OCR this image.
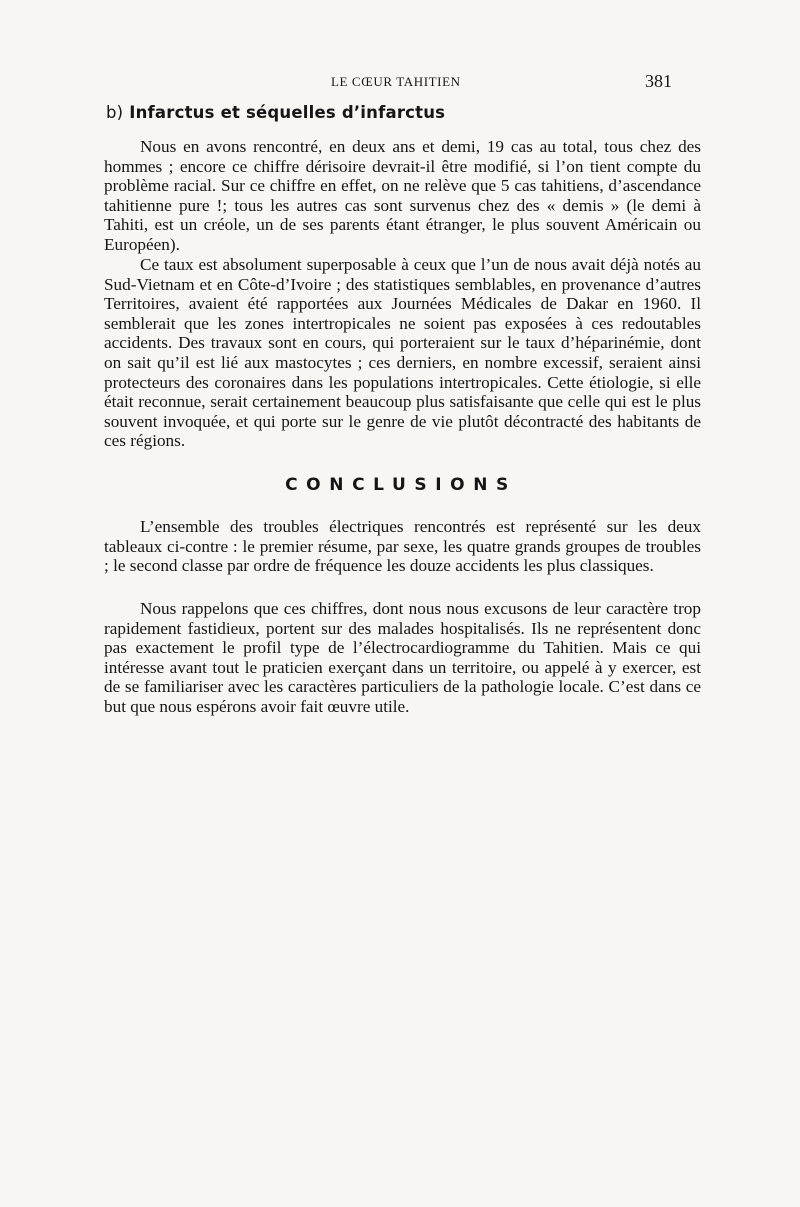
LE CŒUR TAHITIEN	381
b) Infarctus et séquelles d’infarctus

Nous en avons rencontré, en deux ans et demi, 19 cas au total, tous chez des hommes ; encore ce chiffre dérisoire devrait-il être modifié, si l’on tient compte du problème racial. Sur ce chiffre en effet, on ne relève que 5 cas tahitiens, d’ascendance tahitienne pure !; tous les autres cas sont survenus chez des « demis » (le demi à Tahiti, est un créole, un de ses parents étant étranger, le plus souvent Américain ou Européen).

Ce taux est absolument superposable à ceux que l’un de nous avait déjà notés au Sud-Vietnam et en Côte-d’Ivoire ; des statistiques semblables, en provenance d’autres Territoires, avaient été rapportées aux Journées Médicales de Dakar en 1960. Il semblerait que les zones intertropicales ne soient pas exposées à ces redoutables accidents. Des travaux sont en cours, qui porteraient sur le taux d’héparinémie, dont on sait qu’il est lié aux mastocytes ; ces derniers, en nombre excessif, seraient ainsi protecteurs des coronaires dans les populations intertropicales. Cette étiologie, si elle était reconnue, serait certainement beaucoup plus satisfaisante que celle qui est le plus souvent invoquée, et qui porte sur le genre de vie plutôt décontracté des habitants de ces régions.

CONCLUSIONS

L’ensemble des troubles électriques rencontrés est représenté sur les deux tableaux ci-contre : le premier résume, par sexe, les quatre grands groupes de troubles ; le second classe par ordre de fréquence les douze accidents les plus classiques.

Nous rappelons que ces chiffres, dont nous nous excusons de leur caractère trop rapidement fastidieux, portent sur des malades hospitalisés. Ils ne représentent donc pas exactement le profil type de l’électrocardiogramme du Tahitien. Mais ce qui intéresse avant tout le praticien exerçant dans un territoire, ou appelé à y exercer, est de se familiariser avec les caractères particuliers de la pathologie locale. C’est dans ce but que nous espérons avoir fait œuvre utile.
